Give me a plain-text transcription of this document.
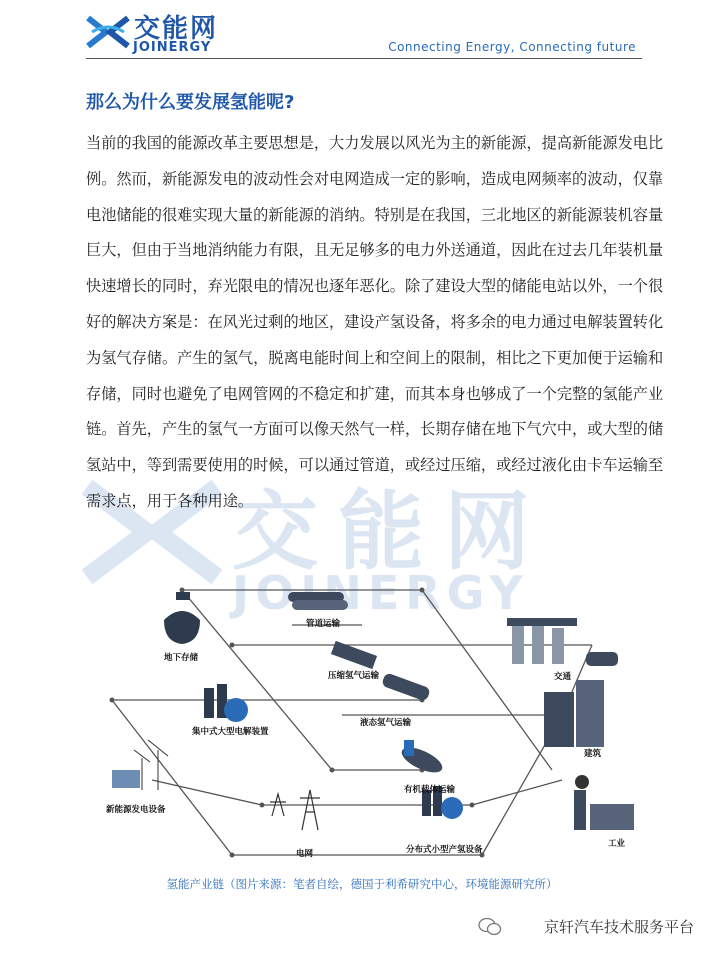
交能网
JOINERGY	Connecting Energy, Connecting future
那么为什么要发展氢能呢?
交能网
JOINERGY
当前的我国的能源改革主要思想是，大力发展以风光为主的新能源，提高新能源发电比
例。然而，新能源发电的波动性会对电网造成一定的影响，造成电网频率的波动，仅靠
电池储能的很难实现大量的新能源的消纳。特别是在我国，三北地区的新能源装机容量
巨大，但由于当地消纳能力有限，且无足够多的电力外送通道，因此在过去几年装机量
快速增长的同时，弃光限电的情况也逐年恶化。除了建设大型的储能电站以外，一个很
好的解决方案是：在风光过剩的地区，建设产氢设备，将多余的电力通过电解装置转化
为氢气存储。产生的氢气，脱离电能时间上和空间上的限制，相比之下更加便于运输和
存储，同时也避免了电网管网的不稳定和扩建，而其本身也够成了一个完整的氢能产业
链。首先，产生的氢气一方面可以像天然气一样，长期存储在地下气穴中，或大型的储
氢站中，等到需要使用的时候，可以通过管道，或经过压缩，或经过液化由卡车运输至
需求点，用于各种用途。
地下存储
管道运输
压缩氢气运输
液态氢气运输
集中式大型电解装置
有机载体运输
新能源发电设备
电网	分布式小型产氢设备
交通
建筑
工业
氢能产业链（图片来源：笔者自绘，德国于利希研究中心，环境能源研究所）
京轩汽车技术服务平台
